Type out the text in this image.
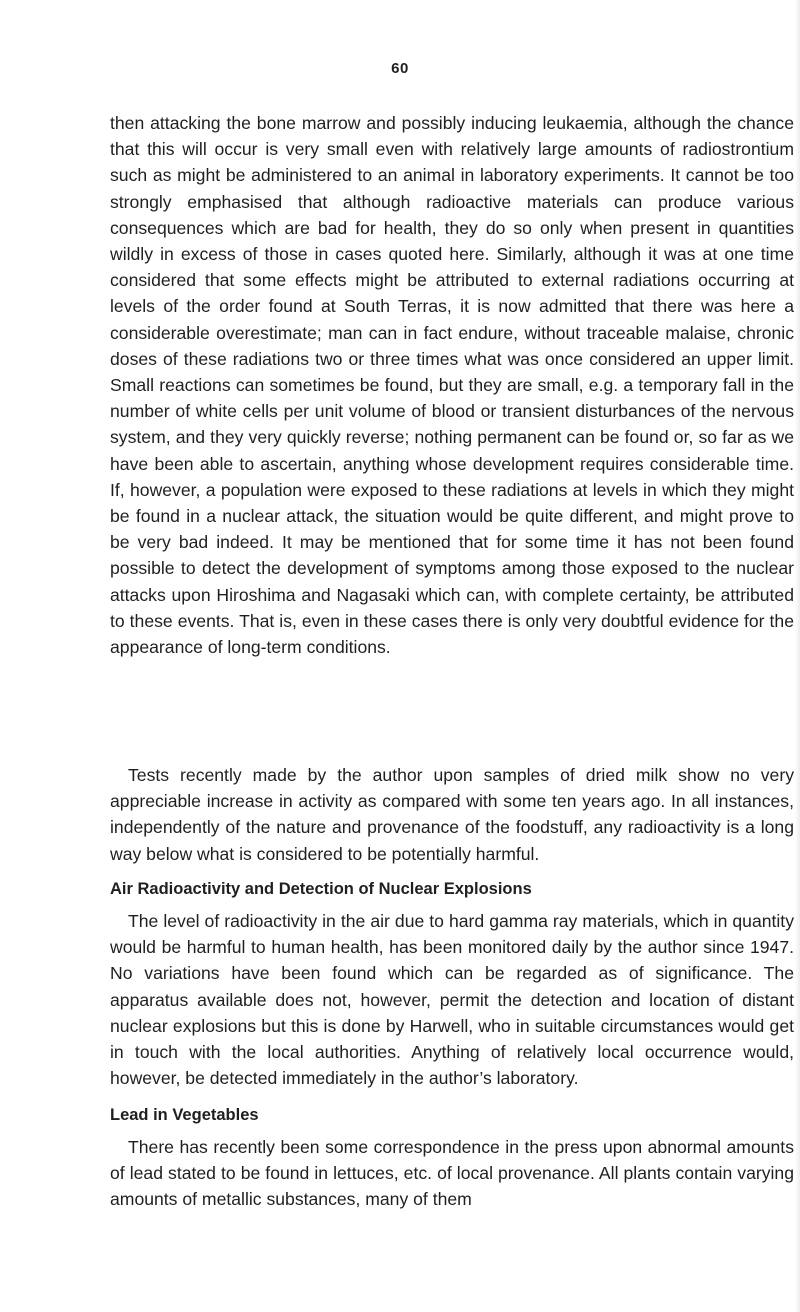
60

then attacking the bone marrow and possibly inducing leukaemia, although the chance that this will occur is very small even with relatively large amounts of radiostrontium such as might be administered to an animal in laboratory experiments. It cannot be too strongly emphasised that although radioactive materials can produce various consequences which are bad for health, they do so only when present in quantities wildly in excess of those in cases quoted here. Similarly, although it was at one time considered that some effects might be attributed to external radiations occurring at levels of the order found at South Terras, it is now admitted that there was here a considerable overestimate; man can in fact endure, without traceable malaise, chronic doses of these radiations two or three times what was once considered an upper limit. Small reactions can sometimes be found, but they are small, e.g. a temporary fall in the number of white cells per unit volume of blood or transient disturbances of the nervous system, and they very quickly reverse; nothing permanent can be found or, so far as we have been able to ascertain, anything whose development requires considerable time. If, however, a population were exposed to these radiations at levels in which they might be found in a nuclear attack, the situation would be quite different, and might prove to be very bad indeed. It may be mentioned that for some time it has not been found possible to detect the development of symptoms among those exposed to the nuclear attacks upon Hiroshima and Nagasaki which can, with complete certainty, be attributed to these events. That is, even in these cases there is only very doubtful evidence for the appearance of long-term conditions.

Tests recently made by the author upon samples of dried milk show no very appreciable increase in activity as compared with some ten years ago. In all instances, independently of the nature and provenance of the foodstuff, any radioactivity is a long way below what is considered to be potentially harmful.

Air Radioactivity and Detection of Nuclear Explosions

The level of radioactivity in the air due to hard gamma ray materials, which in quantity would be harmful to human health, has been monitored daily by the author since 1947. No variations have been found which can be regarded as of significance. The apparatus available does not, however, permit the detection and location of distant nuclear explosions but this is done by Harwell, who in suitable circumstances would get in touch with the local authorities. Anything of relatively local occurrence would, however, be detected immediately in the author’s laboratory.

Lead in Vegetables

There has recently been some correspondence in the press upon abnormal amounts of lead stated to be found in lettuces, etc. of local provenance. All plants contain varying amounts of metallic substances, many of them
